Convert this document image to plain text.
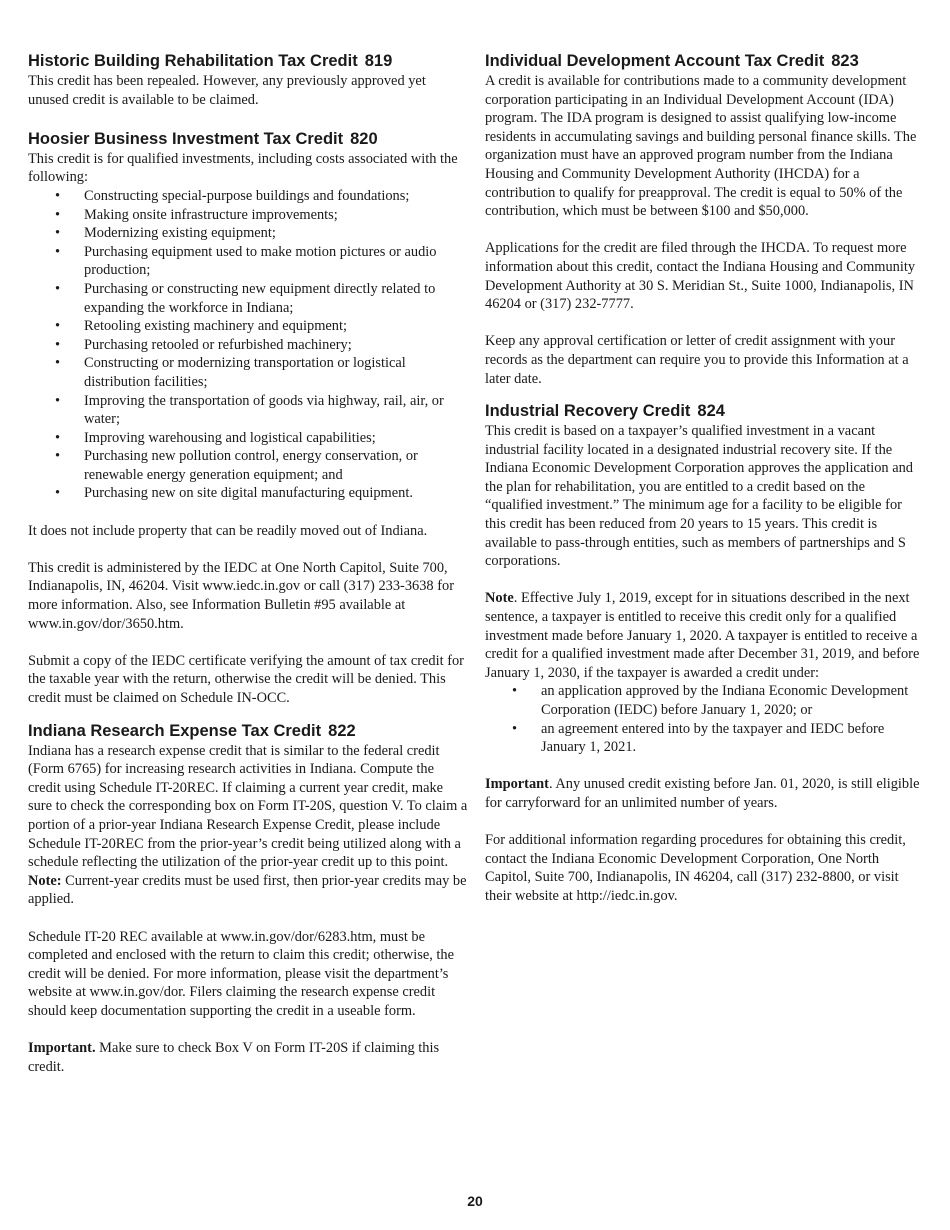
Historic Building Rehabilitation Tax Credit 819

This credit has been repealed. However, any previously approved yet unused credit is available to be claimed.

Hoosier Business Investment Tax Credit 820

This credit is for qualified investments, including costs associated with the following:

• Constructing special-purpose buildings and foundations;
• Making onsite infrastructure improvements;
• Modernizing existing equipment;
• Purchasing equipment used to make motion pictures or audio production;
• Purchasing or constructing new equipment directly related to expanding the workforce in Indiana;
• Retooling existing machinery and equipment;
• Purchasing retooled or refurbished machinery;
• Constructing or modernizing transportation or logistical distribution facilities;
• Improving the transportation of goods via highway, rail, air, or water;
• Improving warehousing and logistical capabilities;
• Purchasing new pollution control, energy conservation, or renewable energy generation equipment; and
• Purchasing new on site digital manufacturing equipment.

It does not include property that can be readily moved out of Indiana.

This credit is administered by the IEDC at One North Capitol, Suite 700, Indianapolis, IN, 46204. Visit www.iedc.in.gov or call (317) 233-3638 for more information. Also, see Information Bulletin #95 available at www.in.gov/dor/3650.htm.

Submit a copy of the IEDC certificate verifying the amount of tax credit for the taxable year with the return, otherwise the credit will be denied. This credit must be claimed on Schedule IN-OCC.

Indiana Research Expense Tax Credit 822

Indiana has a research expense credit that is similar to the federal credit (Form 6765) for increasing research activities in Indiana. Compute the credit using Schedule IT-20REC. If claiming a current year credit, make sure to check the corresponding box on Form IT-20S, question V. To claim a portion of a prior-year Indiana Research Expense Credit, please include Schedule IT-20REC from the prior-year’s credit being utilized along with a schedule reflecting the utilization of the prior-year credit up to this point. Note: Current-year credits must be used first, then prior-year credits may be applied.

Schedule IT-20 REC available at www.in.gov/dor/6283.htm, must be completed and enclosed with the return to claim this credit; otherwise, the credit will be denied. For more information, please visit the department’s website at www.in.gov/dor. Filers claiming the research expense credit should keep documentation supporting the credit in a useable form.

Important. Make sure to check Box V on Form IT-20S if claiming this credit.

Individual Development Account Tax Credit 823

A credit is available for contributions made to a community development corporation participating in an Individual Development Account (IDA) program. The IDA program is designed to assist qualifying low-income residents in accumulating savings and building personal finance skills. The organization must have an approved program number from the Indiana Housing and Community Development Authority (IHCDA) for a contribution to qualify for preapproval. The credit is equal to 50% of the contribution, which must be between $100 and $50,000.

Applications for the credit are filed through the IHCDA. To request more information about this credit, contact the Indiana Housing and Community Development Authority at 30 S. Meridian St., Suite 1000, Indianapolis, IN 46204 or (317) 232-7777.

Keep any approval certification or letter of credit assignment with your records as the department can require you to provide this Information at a later date.

Industrial Recovery Credit 824

This credit is based on a taxpayer’s qualified investment in a vacant industrial facility located in a designated industrial recovery site. If the Indiana Economic Development Corporation approves the application and the plan for rehabilitation, you are entitled to a credit based on the “qualified investment.” The minimum age for a facility to be eligible for this credit has been reduced from 20 years to 15 years. This credit is available to pass-through entities, such as members of partnerships and S corporations.

Note. Effective July 1, 2019, except for in situations described in the next sentence, a taxpayer is entitled to receive this credit only for a qualified investment made before January 1, 2020. A taxpayer is entitled to receive a credit for a qualified investment made after December 31, 2019, and before January 1, 2030, if the taxpayer is awarded a credit under:

• an application approved by the Indiana Economic Development Corporation (IEDC) before January 1, 2020; or
• an agreement entered into by the taxpayer and IEDC before January 1, 2021.

Important. Any unused credit existing before Jan. 01, 2020, is still eligible for carryforward for an unlimited number of years.

For additional information regarding procedures for obtaining this credit, contact the Indiana Economic Development Corporation, One North Capitol, Suite 700, Indianapolis, IN 46204, call (317) 232-8800, or visit their website at http://iedc.in.gov.

20
